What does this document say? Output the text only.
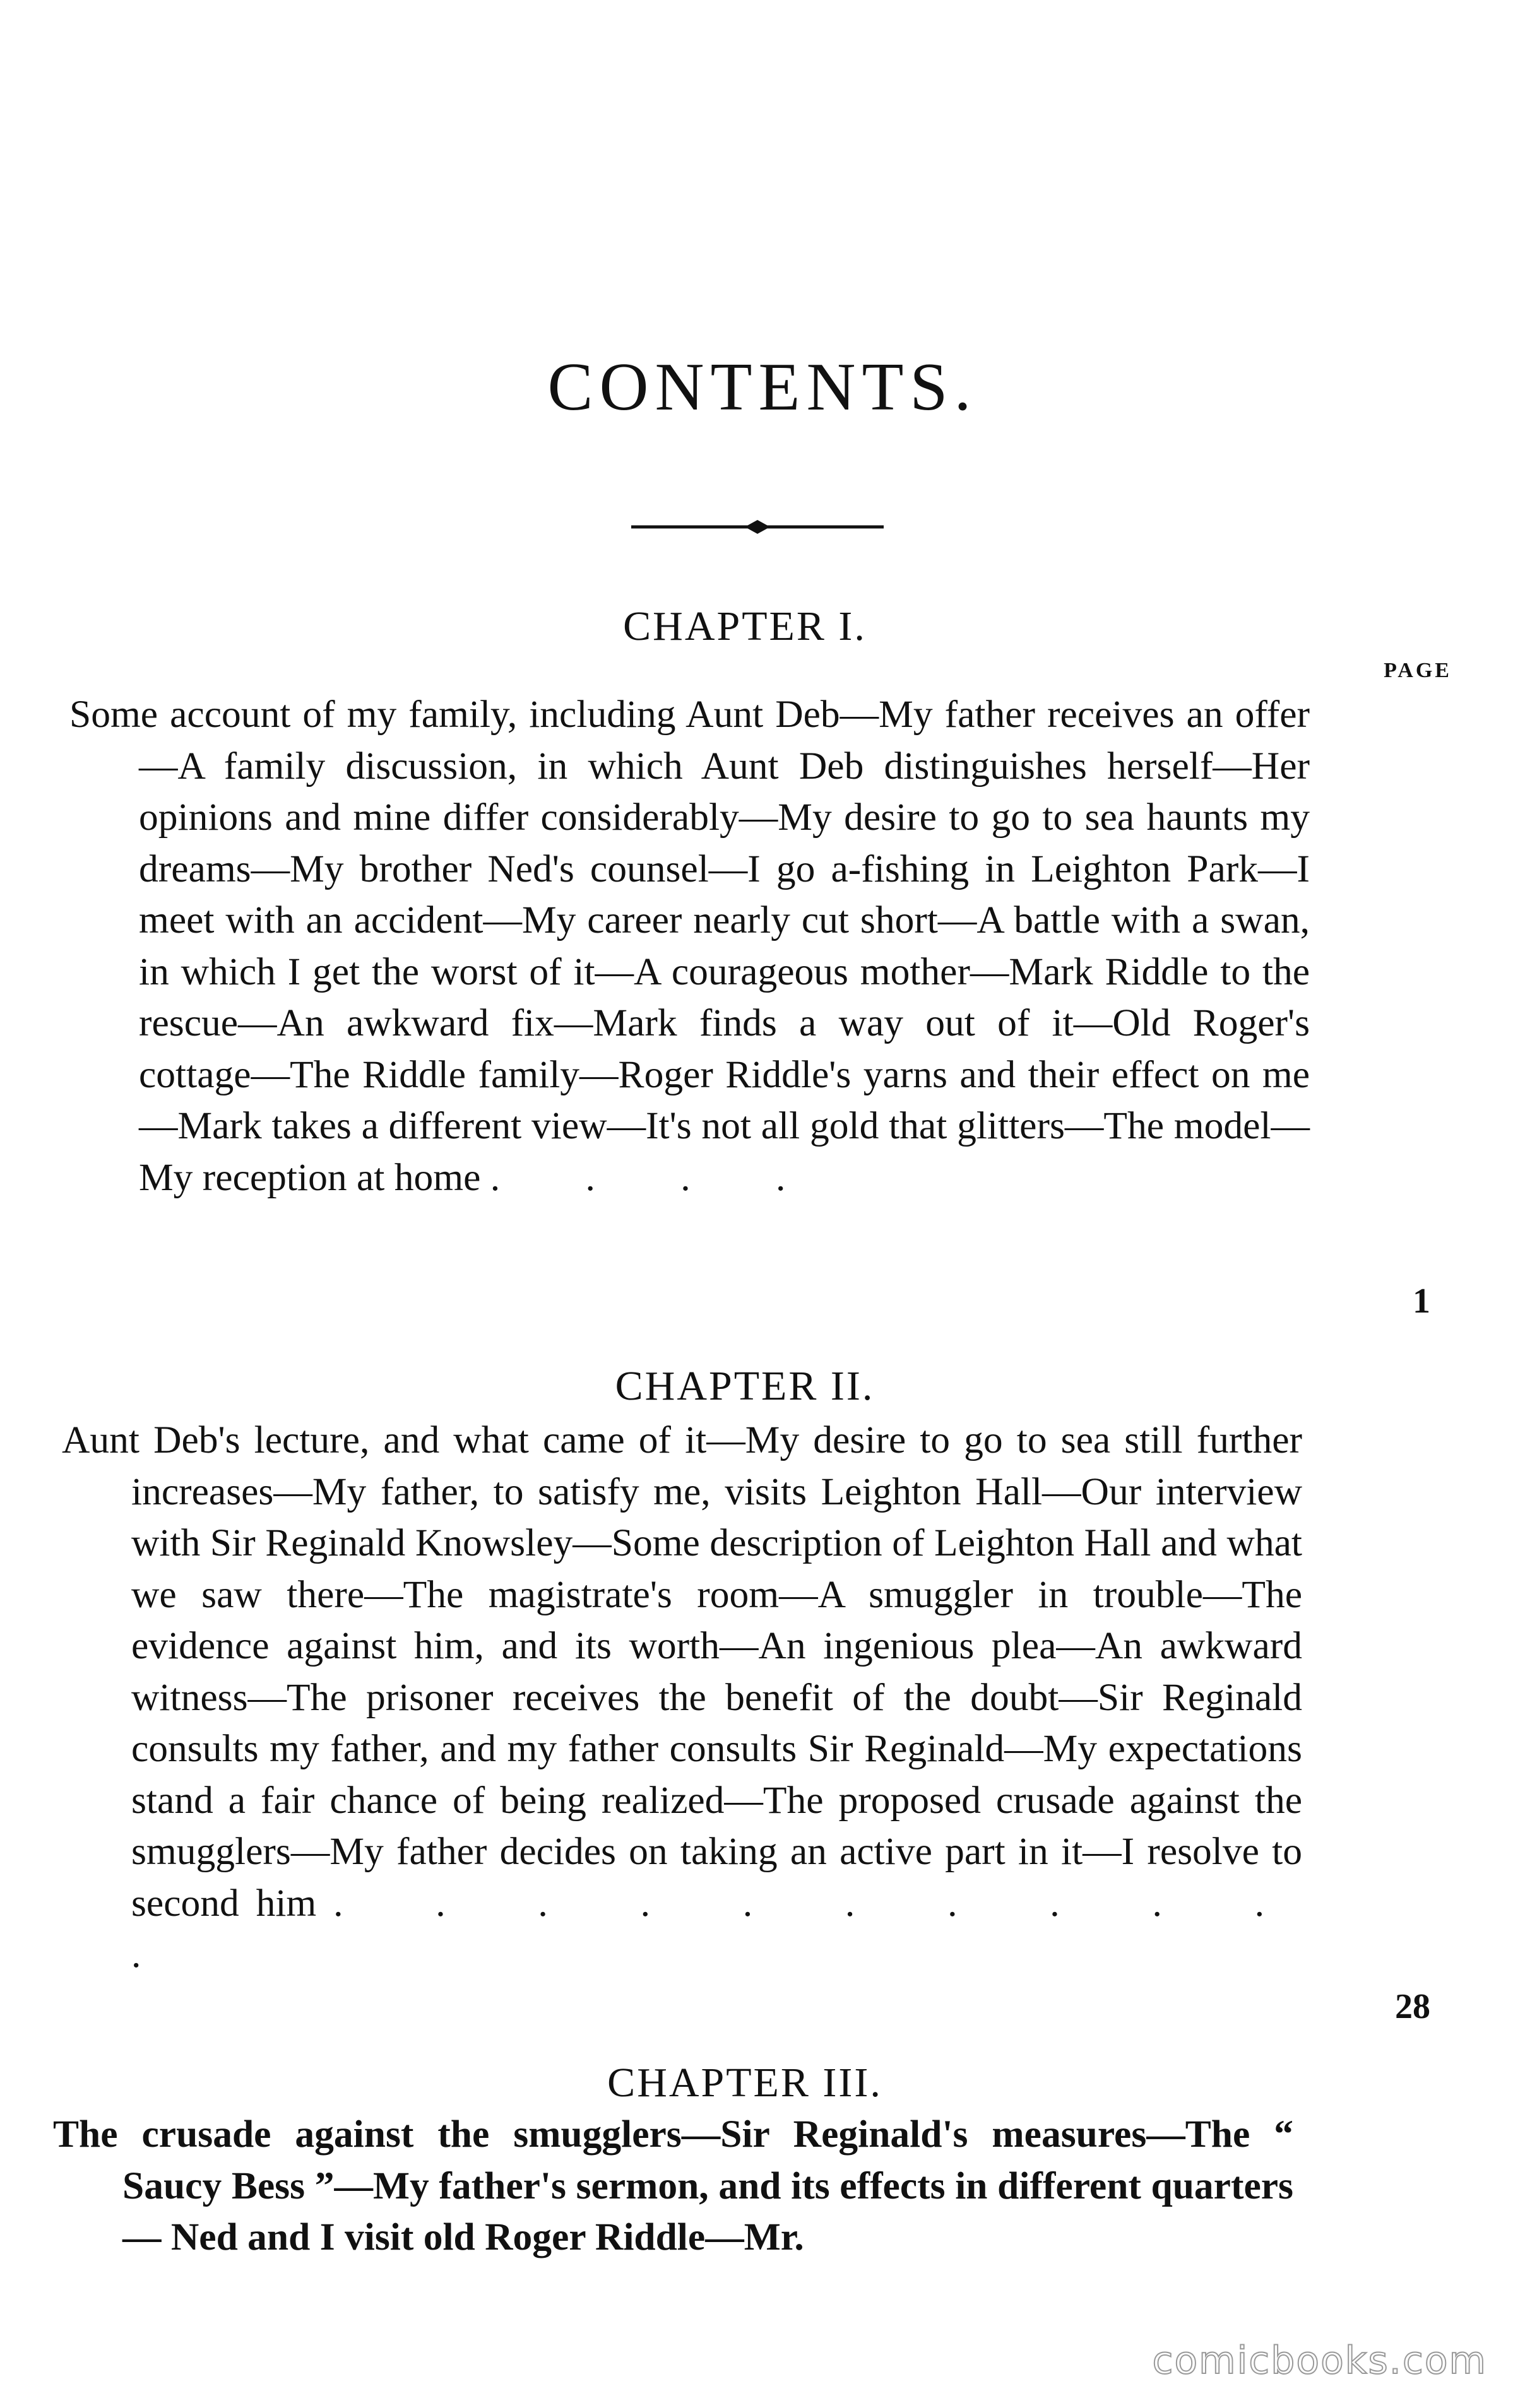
CONTENTS.
CHAPTER I.
PAGE
Some account of my family, including Aunt Deb—My father receives an offer—A family discussion, in which Aunt Deb distinguishes herself—Her opinions and mine differ considerably—My desire to go to sea haunts my dreams—My brother Ned's counsel—I go a-fishing in Leighton Park—I meet with an accident—My career nearly cut short—A battle with a swan, in which I get the worst of it—A courageous mother—Mark Riddle to the rescue—An awkward fix—Mark finds a way out of it—Old Roger's cottage—The Riddle family—Roger Riddle's yarns and their effect on me—Mark takes a different view—It's not all gold that glitters—The model—My reception at home . . . .
1
CHAPTER II.
Aunt Deb's lecture, and what came of it—My desire to go to sea still further increases—My father, to satisfy me, visits Leighton Hall—Our interview with Sir Reginald Knowsley—Some description of Leighton Hall and what we saw there—The magistrate's room—A smuggler in trouble—The evidence against him, and its worth—An ingenious plea—An awkward witness—The prisoner receives the benefit of the doubt—Sir Reginald consults my father, and my father consults Sir Reginald—My expectations stand a fair chance of being realized—The proposed crusade against the smugglers—My father decides on taking an active part in it—I resolve to second him . . . . . . . . . . .
28
CHAPTER III.
The crusade against the smugglers—Sir Reginald's measures—The “ Saucy Bess ”—My father's sermon, and its effects in different quarters— Ned and I visit old Roger Riddle—Mr.
comicbooks.com
